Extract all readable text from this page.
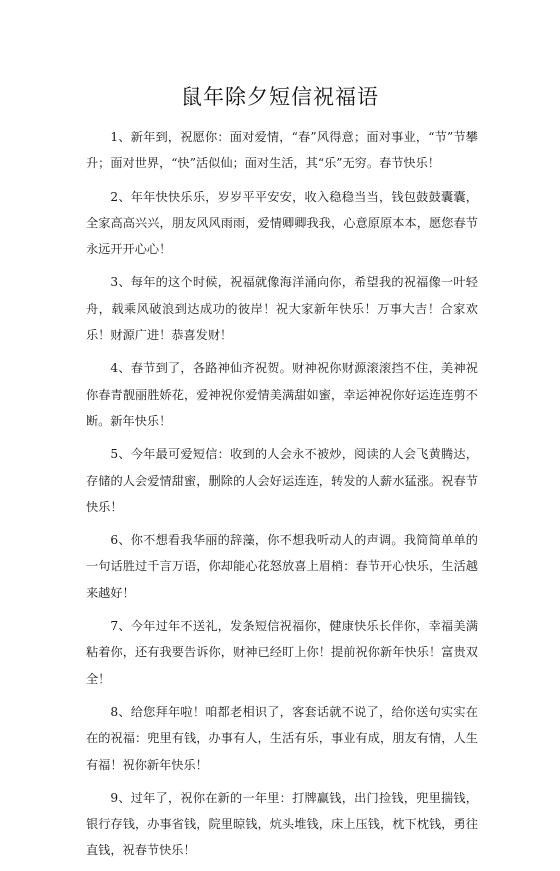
鼠年除夕短信祝福语

1、新年到，祝愿你：面对爱情，“春”风得意；面对事业，“节”节攀升；面对世界，“快”活似仙；面对生活，其“乐”无穷。春节快乐！

2、年年快快乐乐，岁岁平平安安，收入稳稳当当，钱包鼓鼓囊囊，全家高高兴兴，朋友风风雨雨，爱情卿卿我我，心意原原本本，愿您春节永远开开心心！

3、每年的这个时候，祝福就像海洋涌向你，希望我的祝福像一叶轻舟，载乘风破浪到达成功的彼岸！祝大家新年快乐！万事大吉！合家欢乐！财源广进！恭喜发财！

4、春节到了，各路神仙齐祝贺。财神祝你财源滚滚挡不住，美神祝你春青靓丽胜娇花，爱神祝你爱情美满甜如蜜，幸运神祝你好运连连剪不断。新年快乐！

5、今年最可爱短信：收到的人会永不被炒，阅读的人会飞黄腾达，存储的人会爱情甜蜜，删除的人会好运连连，转发的人薪水猛涨。祝春节快乐！

6、你不想看我华丽的辞藻，你不想我听动人的声调。我简简单单的一句话胜过千言万语，你却能心花怒放喜上眉梢：春节开心快乐，生活越来越好！

7、今年过年不送礼，发条短信祝福你，健康快乐长伴你，幸福美满粘着你，还有我要告诉你，财神已经盯上你！提前祝你新年快乐！富贵双全！

8、给您拜年啦！咱都老相识了，客套话就不说了，给你送句实实在在的祝福：兜里有钱，办事有人，生活有乐，事业有成，朋友有情，人生有福！祝你新年快乐！

9、过年了，祝你在新的一年里：打牌赢钱，出门捡钱，兜里揣钱，银行存钱，办事省钱，院里晾钱，炕头堆钱，床上压钱，枕下枕钱，勇往直钱，祝春节快乐！
